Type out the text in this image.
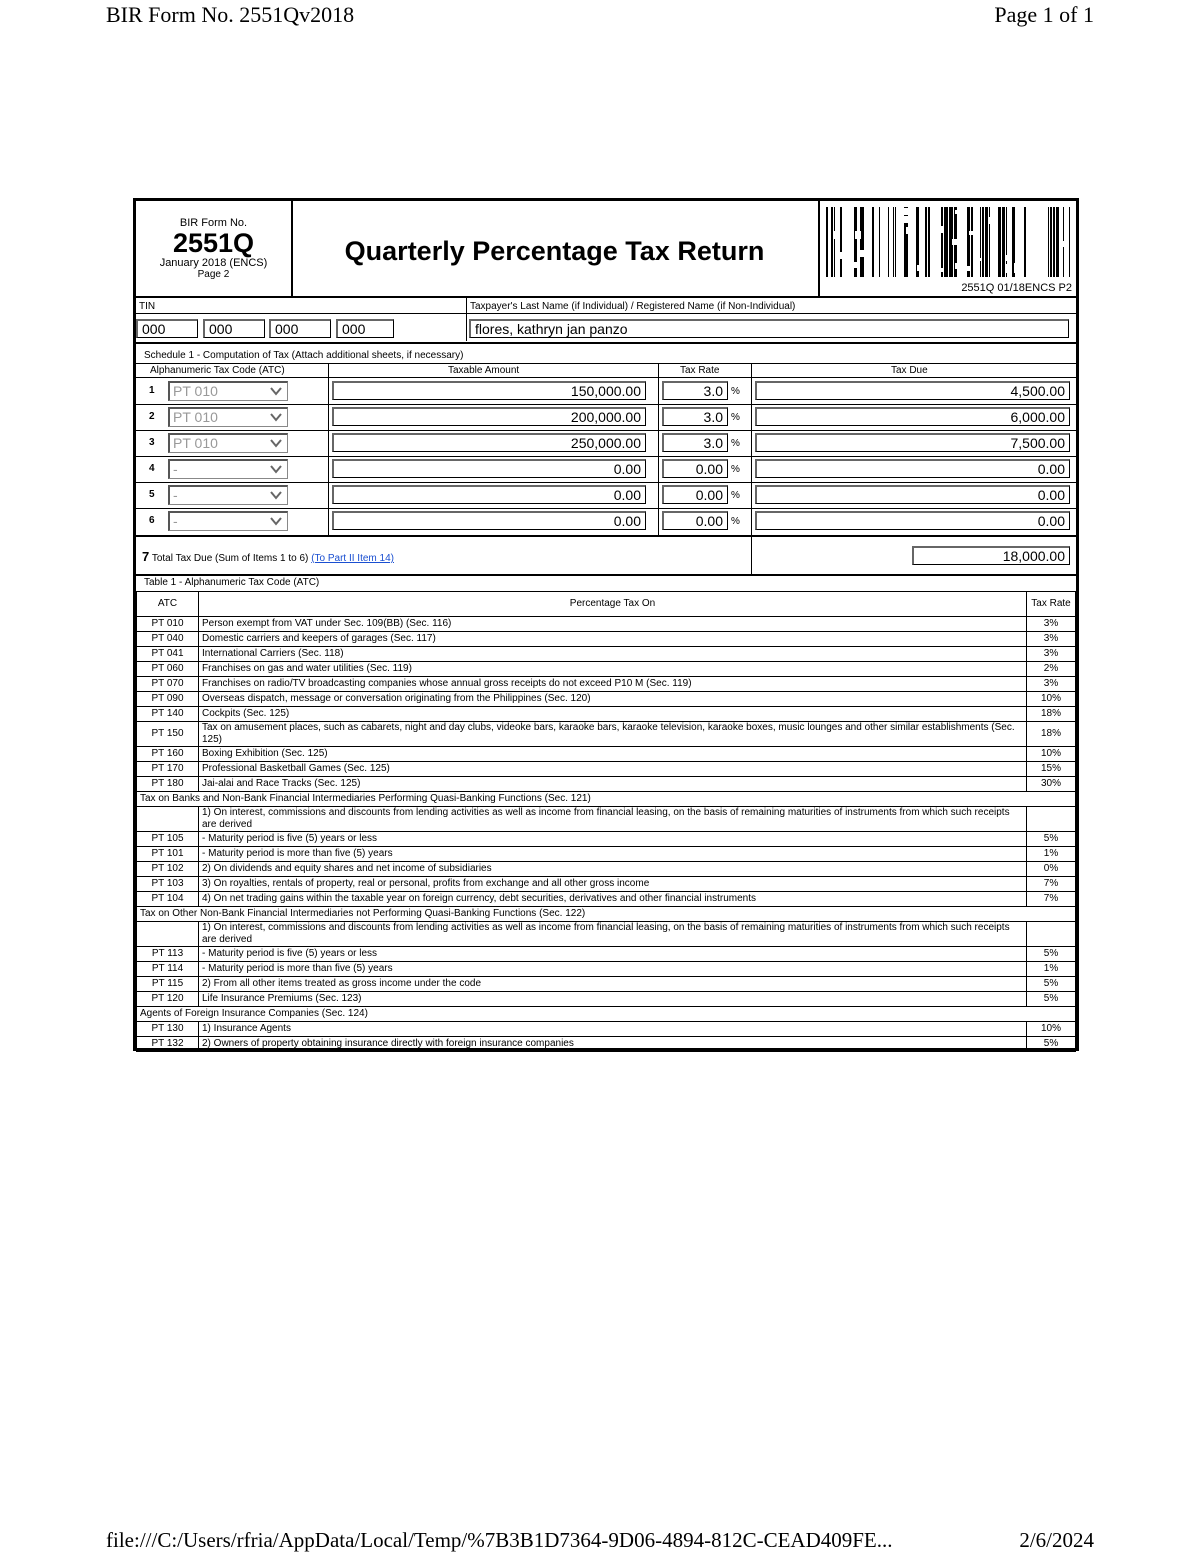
BIR Form No. 2551Qv2018	Page 1 of 1
BIR Form No.
2551Q
January 2018 (ENCS)
Page 2
Quarterly Percentage Tax Return
2551Q 01/18ENCS P2
TIN	Taxpayer's Last Name (if Individual) / Registered Name (if Non-Individual)
000	000	000	000	flores, kathryn jan panzo
Schedule 1 - Computation of Tax (Attach additional sheets, if necessary)
Alphanumeric Tax Code (ATC)	Taxable Amount	Tax Rate	Tax Due
1	PT 010	150,000.00	3.0 %	4,500.00
2	PT 010	200,000.00	3.0 %	6,000.00
3	PT 010	250,000.00	3.0 %	7,500.00
4	-	0.00	0.00 %	0.00
5	-	0.00	0.00 %	0.00
6	-	0.00	0.00 %	0.00
7 Total Tax Due (Sum of Items 1 to 6) (To Part II Item 14)	18,000.00
Table 1 - Alphanumeric Tax Code (ATC)
ATC	Percentage Tax On	Tax Rate
PT 010	Person exempt from VAT under Sec. 109(BB) (Sec. 116)	3%
PT 040	Domestic carriers and keepers of garages (Sec. 117)	3%
PT 041	International Carriers (Sec. 118)	3%
PT 060	Franchises on gas and water utilities (Sec. 119)	2%
PT 070	Franchises on radio/TV broadcasting companies whose annual gross receipts do not exceed P10 M (Sec. 119)	3%
PT 090	Overseas dispatch, message or conversation originating from the Philippines (Sec. 120)	10%
PT 140	Cockpits (Sec. 125)	18%
PT 150	Tax on amusement places, such as cabarets, night and day clubs, videoke bars, karaoke bars, karaoke television, karaoke boxes, music lounges and other similar establishments (Sec. 125)	18%
PT 160	Boxing Exhibition (Sec. 125)	10%
PT 170	Professional Basketball Games (Sec. 125)	15%
PT 180	Jai-alai and Race Tracks (Sec. 125)	30%
Tax on Banks and Non-Bank Financial Intermediaries Performing Quasi-Banking Functions (Sec. 121)		
	1) On interest, commissions and discounts from lending activities as well as income from financial leasing, on the basis of remaining maturities of instruments from which such receipts are derived	
PT 105	- Maturity period is five (5) years or less	5%
PT 101	- Maturity period is more than five (5) years	1%
PT 102	2) On dividends and equity shares and net income of subsidiaries	0%
PT 103	3) On royalties, rentals of property, real or personal, profits from exchange and all other gross income	7%
PT 104	4) On net trading gains within the taxable year on foreign currency, debt securities, derivatives and other financial instruments	7%
Tax on Other Non-Bank Financial Intermediaries not Performing Quasi-Banking Functions (Sec. 122)		
	1) On interest, commissions and discounts from lending activities as well as income from financial leasing, on the basis of remaining maturities of instruments from which such receipts are derived	
PT 113	- Maturity period is five (5) years or less	5%
PT 114	- Maturity period is more than five (5) years	1%
PT 115	2) From all other items treated as gross income under the code	5%
PT 120	Life Insurance Premiums (Sec. 123)	5%
Agents of Foreign Insurance Companies (Sec. 124)		
PT 130	1) Insurance Agents	10%
PT 132	2) Owners of property obtaining insurance directly with foreign insurance companies	5%
file:///C:/Users/rfria/AppData/Local/Temp/%7B3B1D7364-9D06-4894-812C-CEAD409FE...	2/6/2024
